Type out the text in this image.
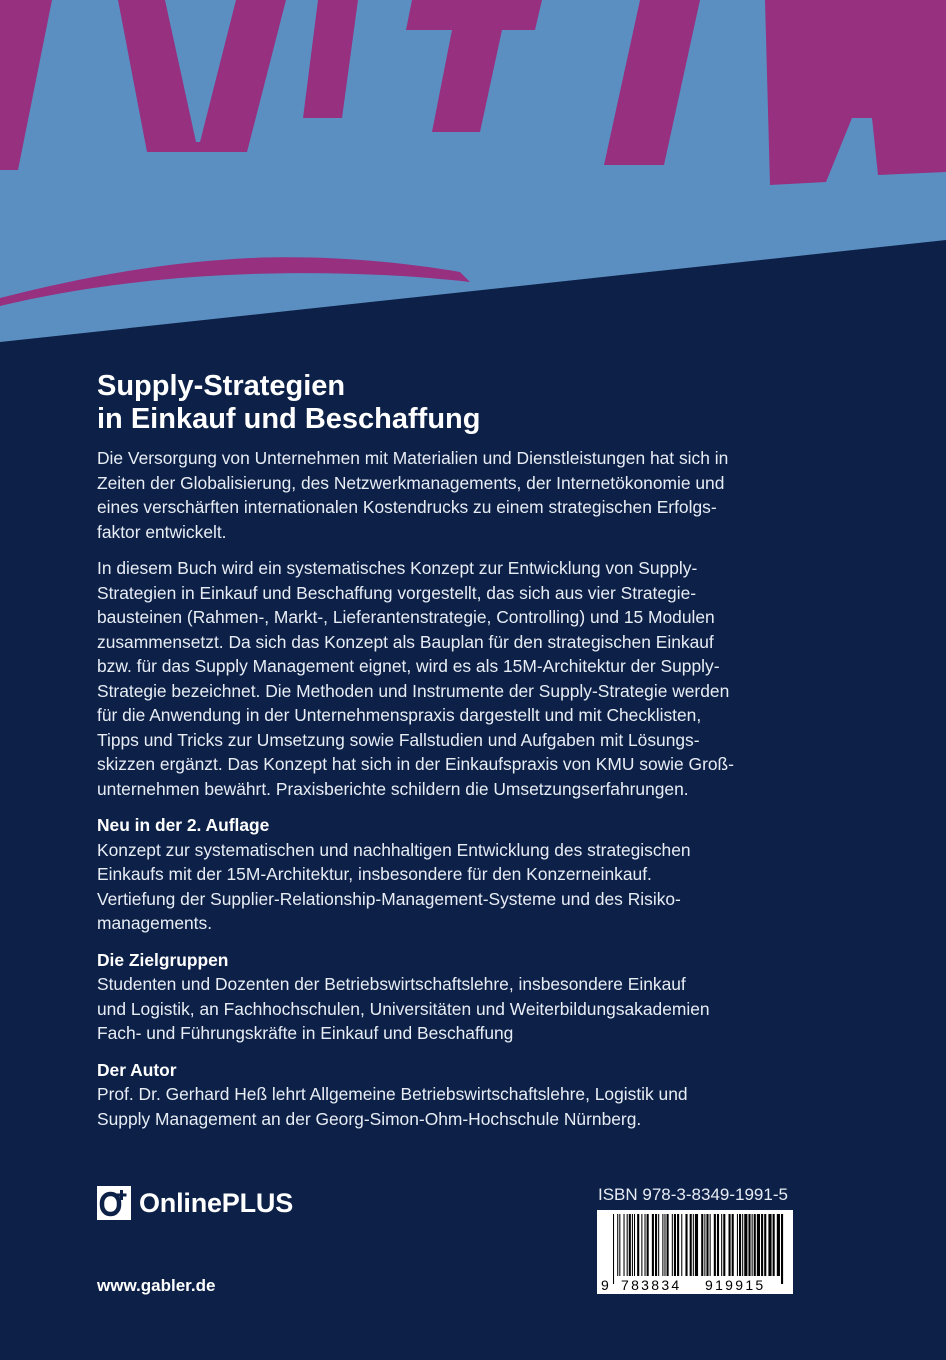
Supply-Strategien
in Einkauf und Beschaffung

Die Versorgung von Unternehmen mit Materialien und Dienstleistungen hat sich in
Zeiten der Globalisierung, des Netzwerkmanagements, der Internetökonomie und
eines verschärften internationalen Kostendrucks zu einem strategischen Erfolgs-
faktor entwickelt.

In diesem Buch wird ein systematisches Konzept zur Entwicklung von Supply-
Strategien in Einkauf und Beschaffung vorgestellt, das sich aus vier Strategie-
bausteinen (Rahmen-, Markt-, Lieferantenstrategie, Controlling) und 15 Modulen
zusammensetzt. Da sich das Konzept als Bauplan für den strategischen Einkauf
bzw. für das Supply Management eignet, wird es als 15M-Architektur der Supply-
Strategie bezeichnet. Die Methoden und Instrumente der Supply-Strategie werden
für die Anwendung in der Unternehmenspraxis dargestellt und mit Checklisten,
Tipps und Tricks zur Umsetzung sowie Fallstudien und Aufgaben mit Lösungs-
skizzen ergänzt. Das Konzept hat sich in der Einkaufspraxis von KMU sowie Groß-
unternehmen bewährt. Praxisberichte schildern die Umsetzungserfahrungen.

Neu in der 2. Auflage

Konzept zur systematischen und nachhaltigen Entwicklung des strategischen
Einkaufs mit der 15M-Architektur, insbesondere für den Konzerneinkauf.
Vertiefung der Supplier-Relationship-Management-Systeme und des Risiko-
managements.

Die Zielgruppen

Studenten und Dozenten der Betriebswirtschaftslehre, insbesondere Einkauf
und Logistik, an Fachhochschulen, Universitäten und Weiterbildungsakademien
Fach- und Führungskräfte in Einkauf und Beschaffung

Der Autor

Prof. Dr. Gerhard Heß lehrt Allgemeine Betriebswirtschaftslehre, Logistik und
Supply Management an der Georg-Simon-Ohm-Hochschule Nürnberg.

OnlinePLUS
www.gabler.de
ISBN 978-3-8349-1991-5
9 783834 919915
